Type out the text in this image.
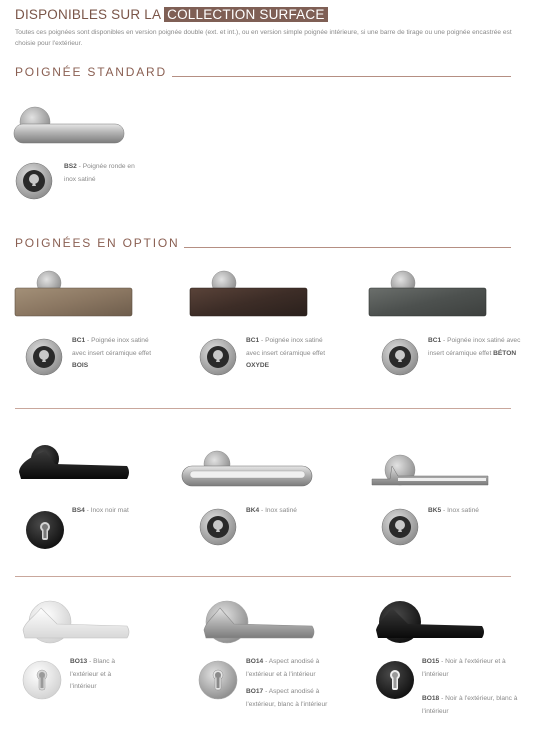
DISPONIBLES SUR LA COLLECTION SURFACE
Toutes ces poignées sont disponibles en version poignée double (ext. et int.), ou en version simple poignée intérieure, si une barre de tirage ou une poignée encastrée est choisie pour l'extérieur.
POIGNÉE STANDARD
BS2 - Poignée ronde en inox satiné
POIGNÉES EN OPTION
BC1 - Poignée inox satiné avec insert céramique effet BOIS
BC1 - Poignée inox satiné avec insert céramique effet OXYDE
BC1 - Poignée inox satiné avec insert céramique effet BÉTON
BS4 - Inox noir mat	BK4 - Inox satiné	BK5 - Inox satiné
BO13 - Blanc à l'extérieur et à l'intérieur
BO14 - Aspect anodisé à l'extérieur et à l'intérieur
BO17 - Aspect anodisé à l'extérieur, blanc à l'intérieur
BO15 - Noir à l'extérieur et à l'intérieur
BO18 - Noir à l'extérieur, blanc à l'intérieur
